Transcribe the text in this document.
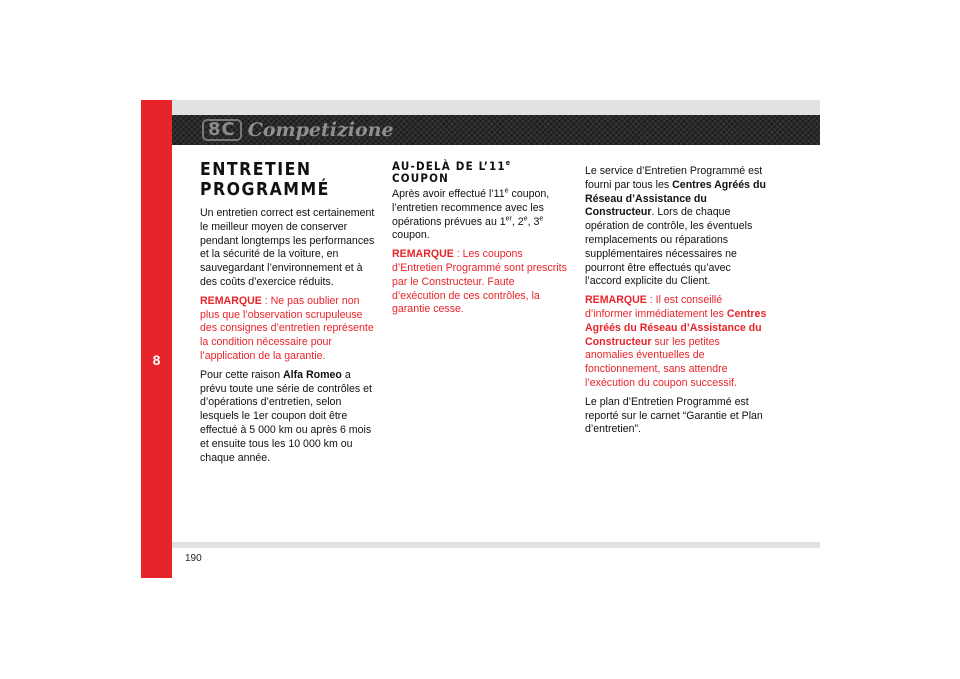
8
8C Competizione
ENTRETIEN
PROGRAMMÉ

Un entretien correct est certainement le meilleur moyen de conserver pendant longtemps les performances et la sécurité de la voiture, en sauvegardant l’environnement et à des coûts d’exercice réduits.

REMARQUE : Ne pas oublier non plus que l’observation scrupuleuse des consignes d’entretien représente la condition nécessaire pour l’application de la garantie.

Pour cette raison Alfa Romeo a prévu toute une série de contrôles et d’opérations d’entretien, selon lesquels le 1er coupon doit être effectué à 5 000 km ou après 6 mois et ensuite tous les 10 000 km ou chaque année.

AU-DELÀ DE L’11e
COUPON

Après avoir effectué l’11e coupon, l’entretien recommence avec les opérations prévues au 1er, 2e, 3e coupon.

REMARQUE : Les coupons d’Entretien Programmé sont prescrits par le Constructeur. Faute d’exécution de ces contrôles, la garantie cesse.

Le service d’Entretien Programmé est fourni par tous les Centres Agréés du Réseau d’Assistance du Constructeur. Lors de chaque opération de contrôle, les éventuels remplacements ou réparations supplémentaires nécessaires ne pourront être effectués qu’avec l’accord explicite du Client.

REMARQUE : Il est conseillé d’informer immédiatement les Centres Agréés du Réseau d’Assistance du Constructeur sur les petites anomalies éventuelles de fonctionnement, sans attendre l’exécution du coupon successif.

Le plan d’Entretien Programmé est reporté sur le carnet “Garantie et Plan d’entretien”.

190
